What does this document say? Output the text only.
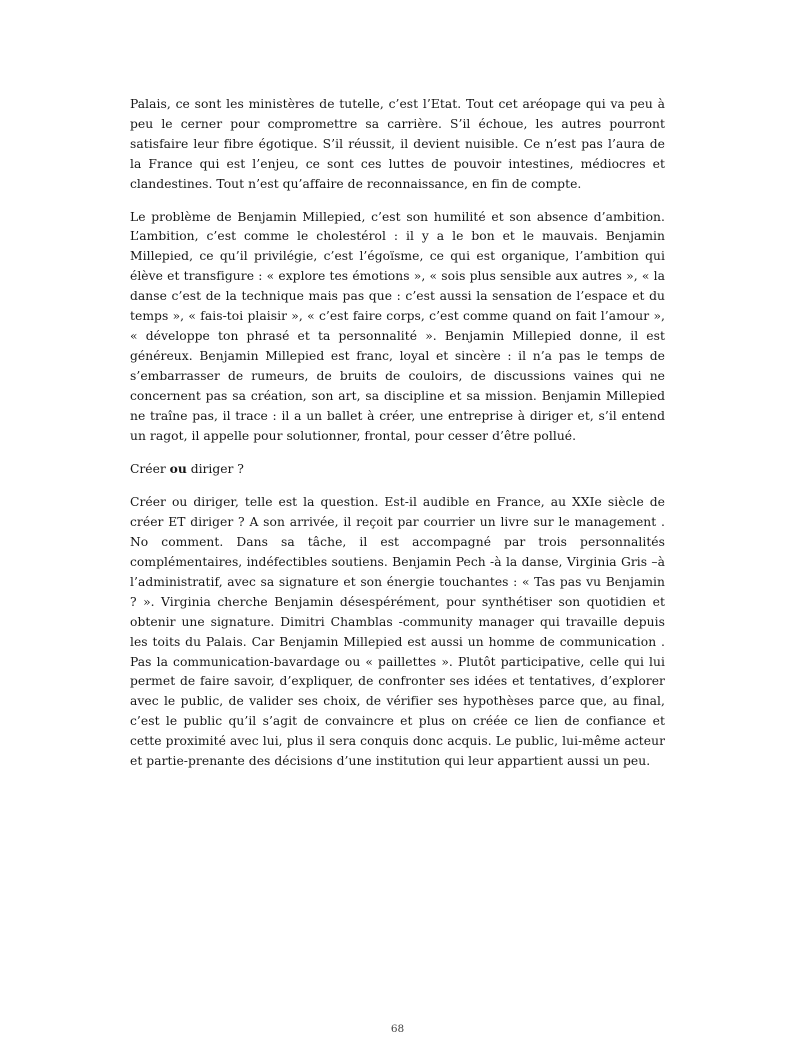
Palais, ce sont les ministères de tutelle, c’est l’Etat. Tout cet aréopage qui va peu à peu le cerner pour compromettre sa carrière. S’il échoue, les autres pourront satisfaire leur fibre égotique. S’il réussit, il devient nuisible. Ce n’est pas l’aura de la France qui est l’enjeu, ce sont ces luttes de pouvoir intestines, médiocres et clandestines. Tout n’est qu’affaire de reconnaissance, en fin de compte.

Le problème de Benjamin Millepied, c’est son humilité et son absence d’ambition. L’ambition, c’est comme le cholestérol : il y a le bon et le mauvais. Benjamin Millepied, ce qu’il privilégie, c’est l’égoïsme, ce qui est organique, l’ambition qui élève et transfigure : « explore tes émotions », « sois plus sensible aux autres », « la danse c’est de la technique mais pas que : c’est aussi la sensation de l’espace et du temps », « fais-toi plaisir », « c’est faire corps, c’est comme quand on fait l’amour », « développe ton phrasé et ta personnalité ». Benjamin Millepied donne, il est généreux. Benjamin Millepied est franc, loyal et sincère : il n’a pas le temps de s’embarrasser de rumeurs, de bruits de couloirs, de discussions vaines qui ne concernent pas sa création, son art, sa discipline et sa mission. Benjamin Millepied ne traîne pas, il trace : il a un ballet à créer, une entreprise à diriger et, s’il entend un ragot, il appelle pour solutionner, frontal, pour cesser d’être pollué.

Créer ou diriger ?

Créer ou diriger, telle est la question. Est-il audible en France, au XXIe siècle de créer ET diriger ? A son arrivée, il reçoit par courrier un livre sur le management . No comment. Dans sa tâche, il est accompagné par trois personnalités complémentaires, indéfectibles soutiens. Benjamin Pech -à la danse, Virginia Gris –à l’administratif, avec sa signature et son énergie touchantes : « Tas pas vu Benjamin ? ». Virginia cherche Benjamin désespérément, pour synthétiser son quotidien et obtenir une signature. Dimitri Chamblas -community manager qui travaille depuis les toits du Palais. Car Benjamin Millepied est aussi un homme de communication . Pas la communication-bavardage ou « paillettes ». Plutôt participative, celle qui lui permet de faire savoir, d’expliquer, de confronter ses idées et tentatives, d’explorer avec le public, de valider ses choix, de vérifier ses hypothèses parce que, au final, c’est le public qu’il s’agit de convaincre et plus on créée ce lien de confiance et cette proximité avec lui, plus il sera conquis donc acquis. Le public, lui-même acteur et partie-prenante des décisions d’une institution qui leur appartient aussi un peu.

68
